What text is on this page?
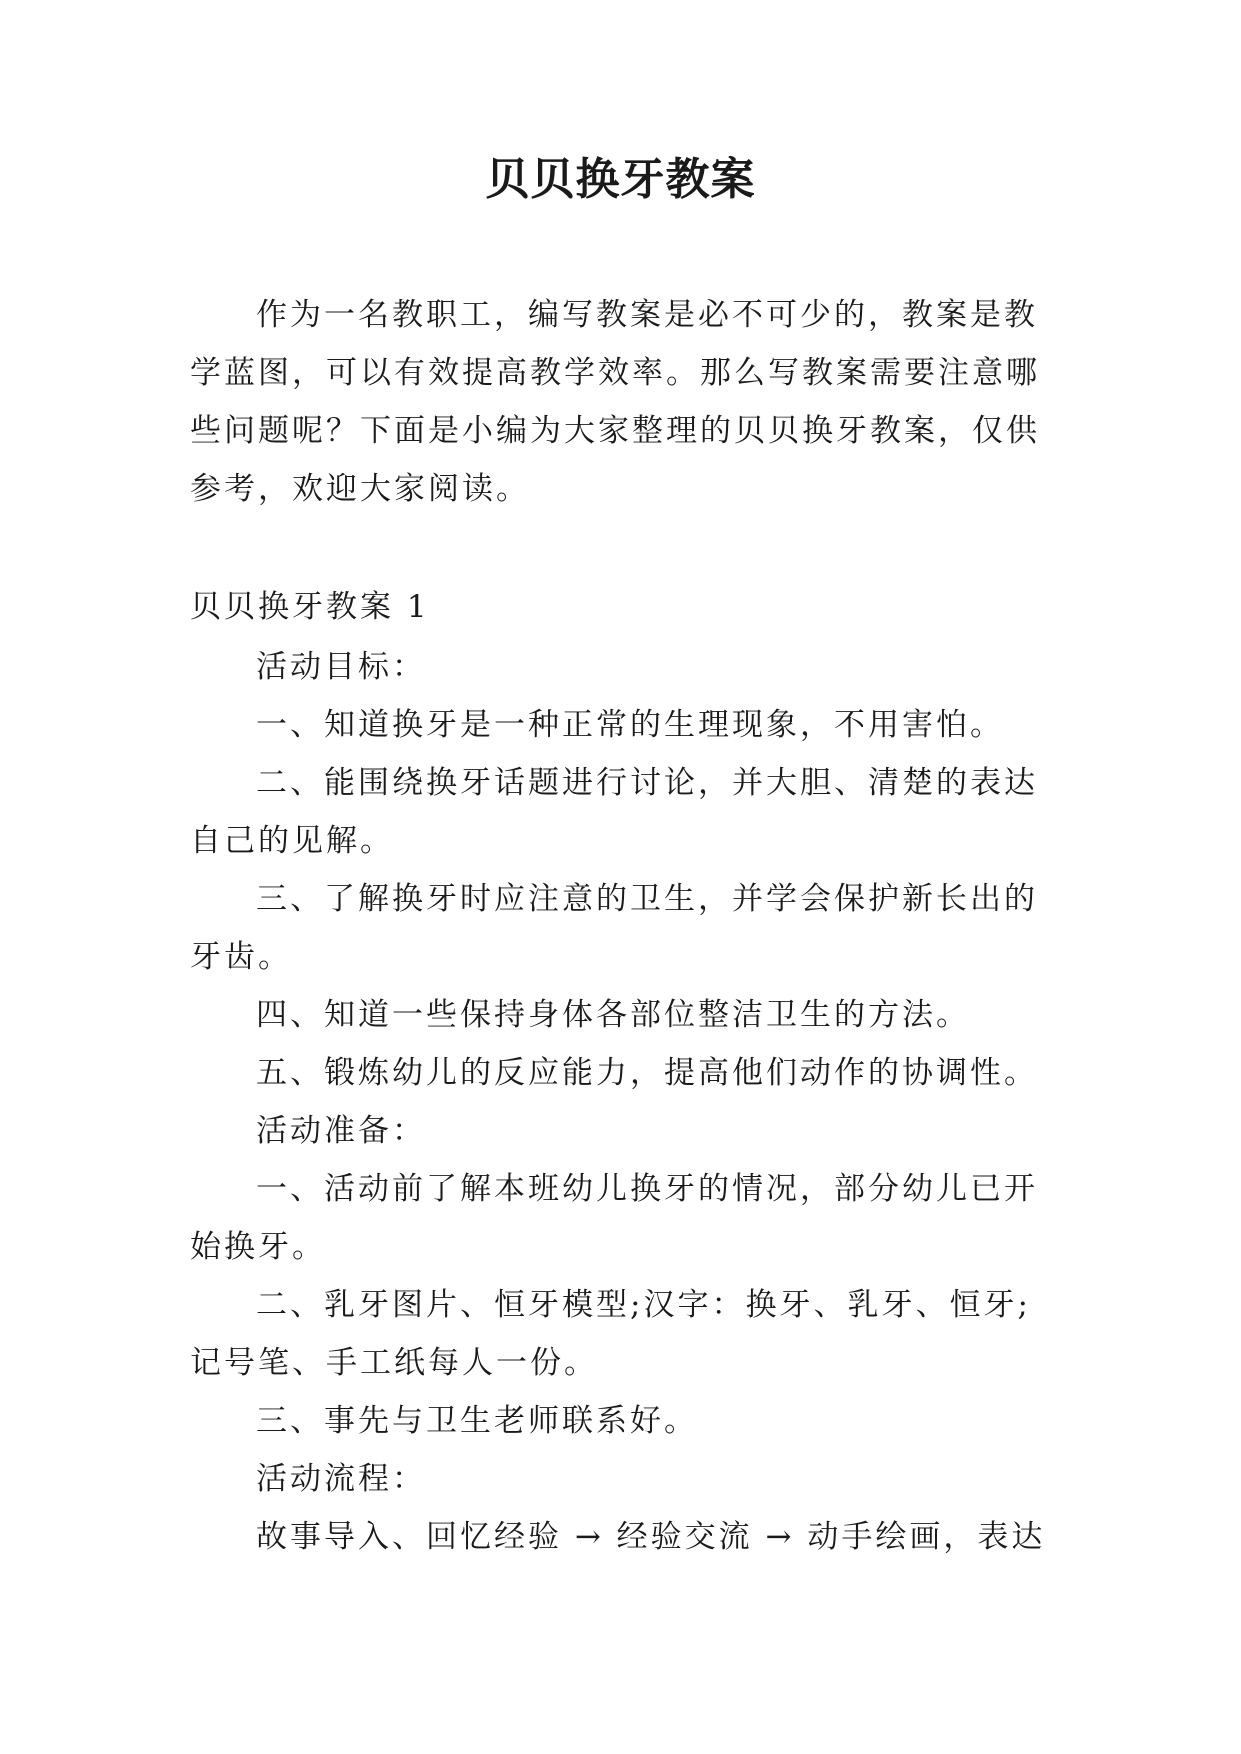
贝贝换牙教案
作为一名教职工，编写教案是必不可少的，教案是教学蓝图，可以有效提高教学效率。那么写教案需要注意哪些问题呢？下面是小编为大家整理的贝贝换牙教案，仅供参考，欢迎大家阅读。

贝贝换牙教案 1

活动目标：

一、知道换牙是一种正常的生理现象，不用害怕。

二、能围绕换牙话题进行讨论，并大胆、清楚的表达自己的见解。

三、了解换牙时应注意的卫生，并学会保护新长出的牙齿。

四、知道一些保持身体各部位整洁卫生的方法。

五、锻炼幼儿的反应能力，提高他们动作的协调性。

活动准备：

一、活动前了解本班幼儿换牙的情况，部分幼儿已开始换牙。

二、乳牙图片、恒牙模型;汉字：换牙、乳牙、恒牙;记号笔、手工纸每人一份。

三、事先与卫生老师联系好。

活动流程：

故事导入、回忆经验 → 经验交流 → 动手绘画，表达
